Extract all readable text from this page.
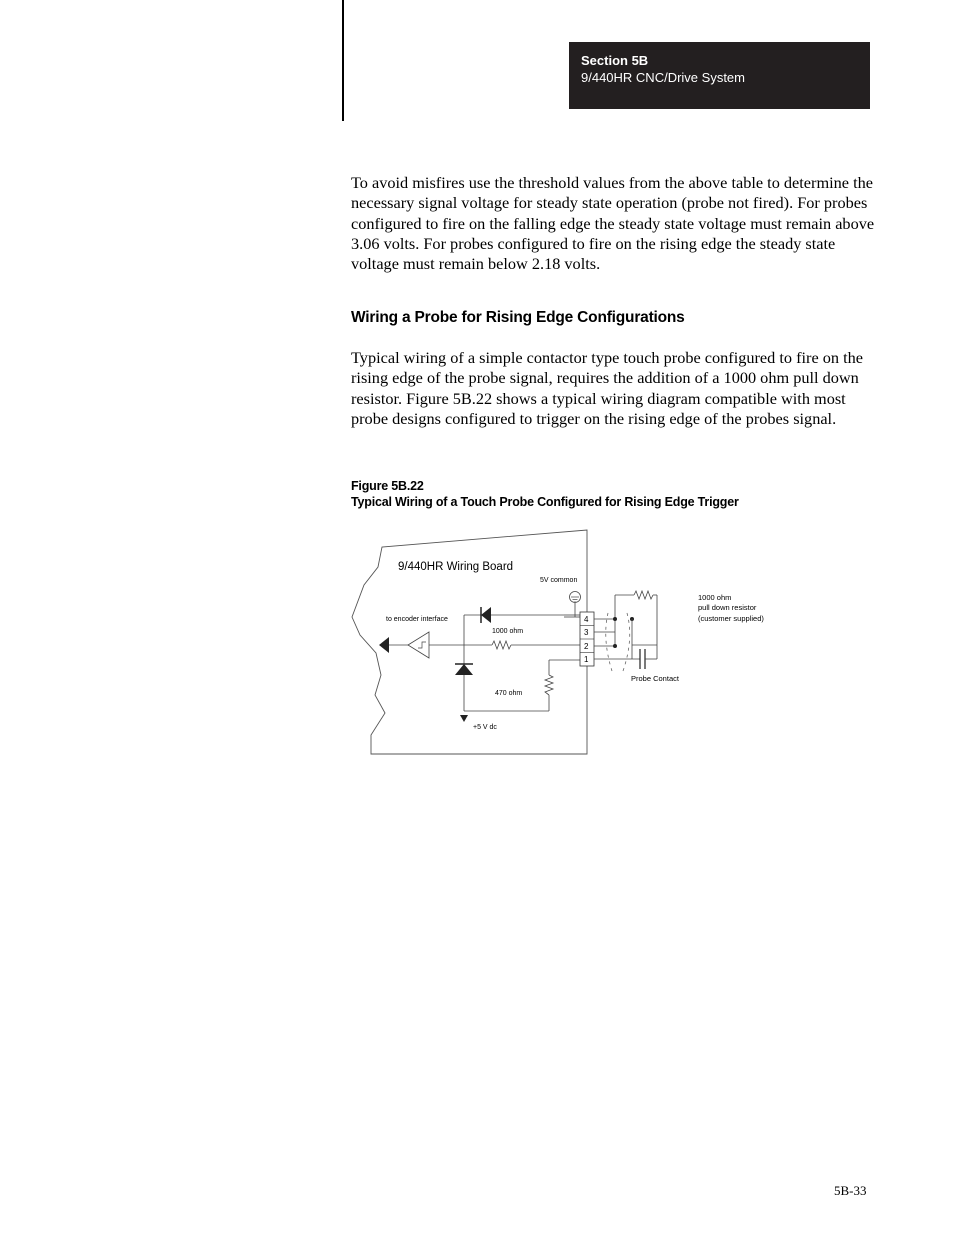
Section 5B
9/440HR CNC/Drive System

To avoid misfires use the threshold values from the above table to determine the necessary signal voltage for steady state operation (probe not fired). For probes configured to fire on the falling edge the steady state voltage must remain above 3.06 volts. For probes configured to fire on the rising edge the steady state voltage must remain below 2.18 volts.

Wiring a Probe for Rising Edge Configurations

Typical wiring of a simple contactor type touch probe configured to fire on the rising edge of the probe signal, requires the addition of a 1000 ohm pull down resistor. Figure 5B.22 shows a typical wiring diagram compatible with most probe designs configured to trigger on the rising edge of the probes signal.

Figure 5B.22
Typical Wiring of a Touch Probe Configured for Rising Edge Trigger
9/440HR Wiring Board
5V common
to encoder interface
1000 ohm
470 ohm
+5 V dc
4
3
2
1
Probe Contact
1000 ohm
pull down resistor
(customer supplied)
5B-33
